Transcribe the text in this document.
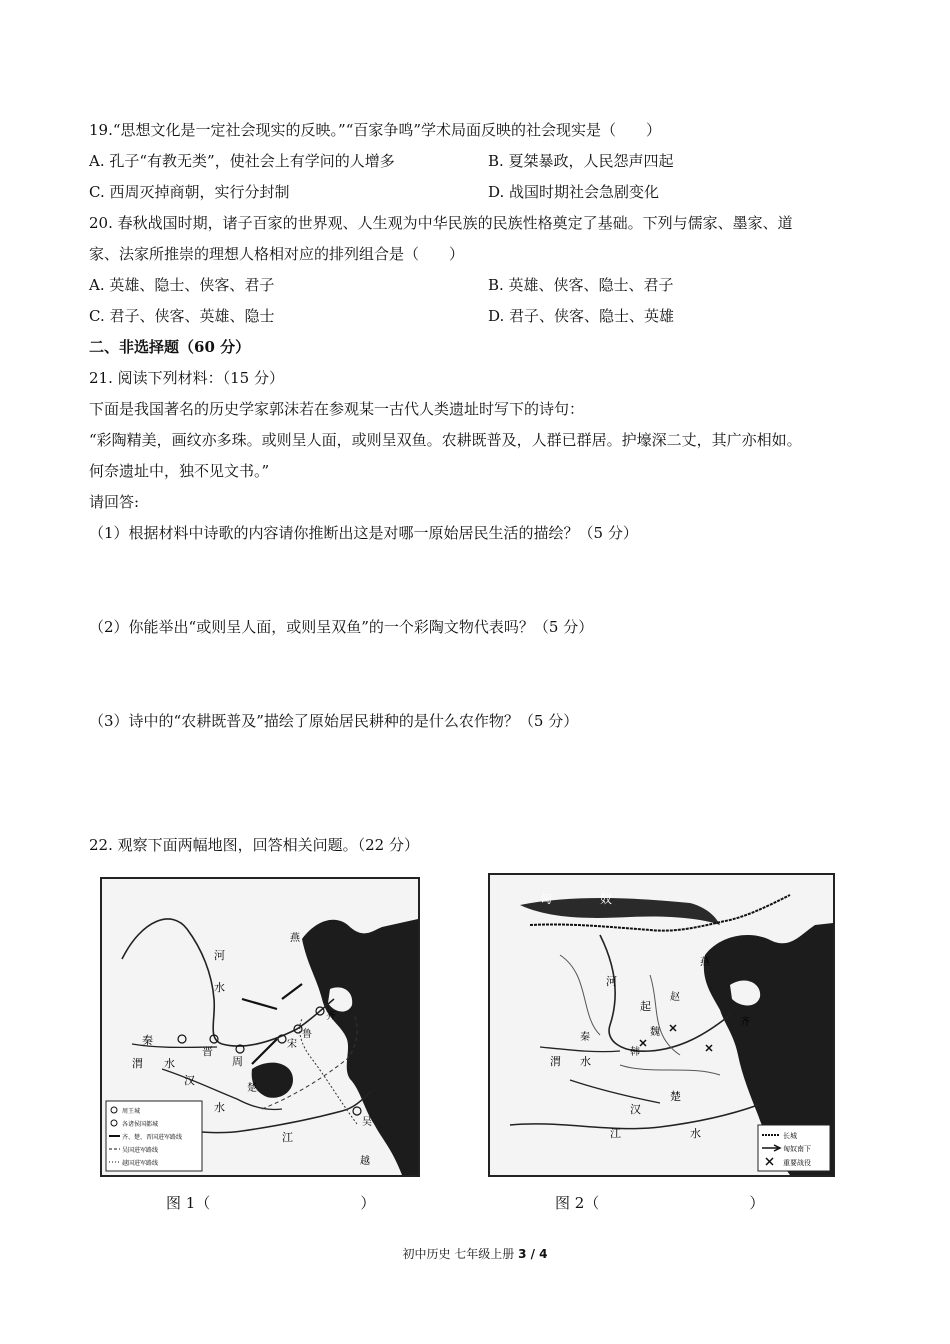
19.“思想文化是一定社会现实的反映。”“百家争鸣”学术局面反映的社会现实是（　　）
A. 孔子“有教无类”，使社会上有学问的人增多	B. 夏桀暴政，人民怨声四起
C. 西周灭掉商朝，实行分封制	D. 战国时期社会急剧变化
20. 春秋战国时期，诸子百家的世界观、人生观为中华民族的民族性格奠定了基础。下列与儒家、墨家、道
家、法家所推崇的理想人格相对应的排列组合是（　　）
A. 英雄、隐士、侠客、君子	B. 英雄、侠客、隐士、君子
C. 君子、侠客、英雄、隐士	D. 君子、侠客、隐士、英雄
二、非选择题（60 分）
21. 阅读下列材料：（15 分）
下面是我国著名的历史学家郭沫若在参观某一古代人类遗址时写下的诗句：
“彩陶精美，画纹亦多珠。或则呈人面，或则呈双鱼。农耕既普及，人群已群居。护壕深二丈，其广亦相如。
何奈遗址中，独不见文书。”
请回答:
（1）根据材料中诗歌的内容请你推断出这是对哪一原始居民生活的描绘？（5 分）
（2）你能举出“或则呈人面，或则呈双鱼”的一个彩陶文物代表吗？（5 分）
（3）诗中的“农耕既普及”描绘了原始居民耕种的是什么农作物？（5 分）
22. 观察下面两幅地图，回答相关问题。（22 分）
河
水
秦
晋
周
渭 水
汉
水
江
燕
齐
鲁
宋
吴
越
楚
周王城
各诸侯国都城
齐、楚、晋国进军路线
吴国进军路线
越国进军路线
匈	奴
河
起
燕
齐
赵
魏
韩
秦
渭 水
汉
江
楚
水	长城
匈奴南下
重要战役
图 1（　　　　　　　　　　）	图 2（　　　　　　　　　　）
初中历史 七年级上册 3 / 4
